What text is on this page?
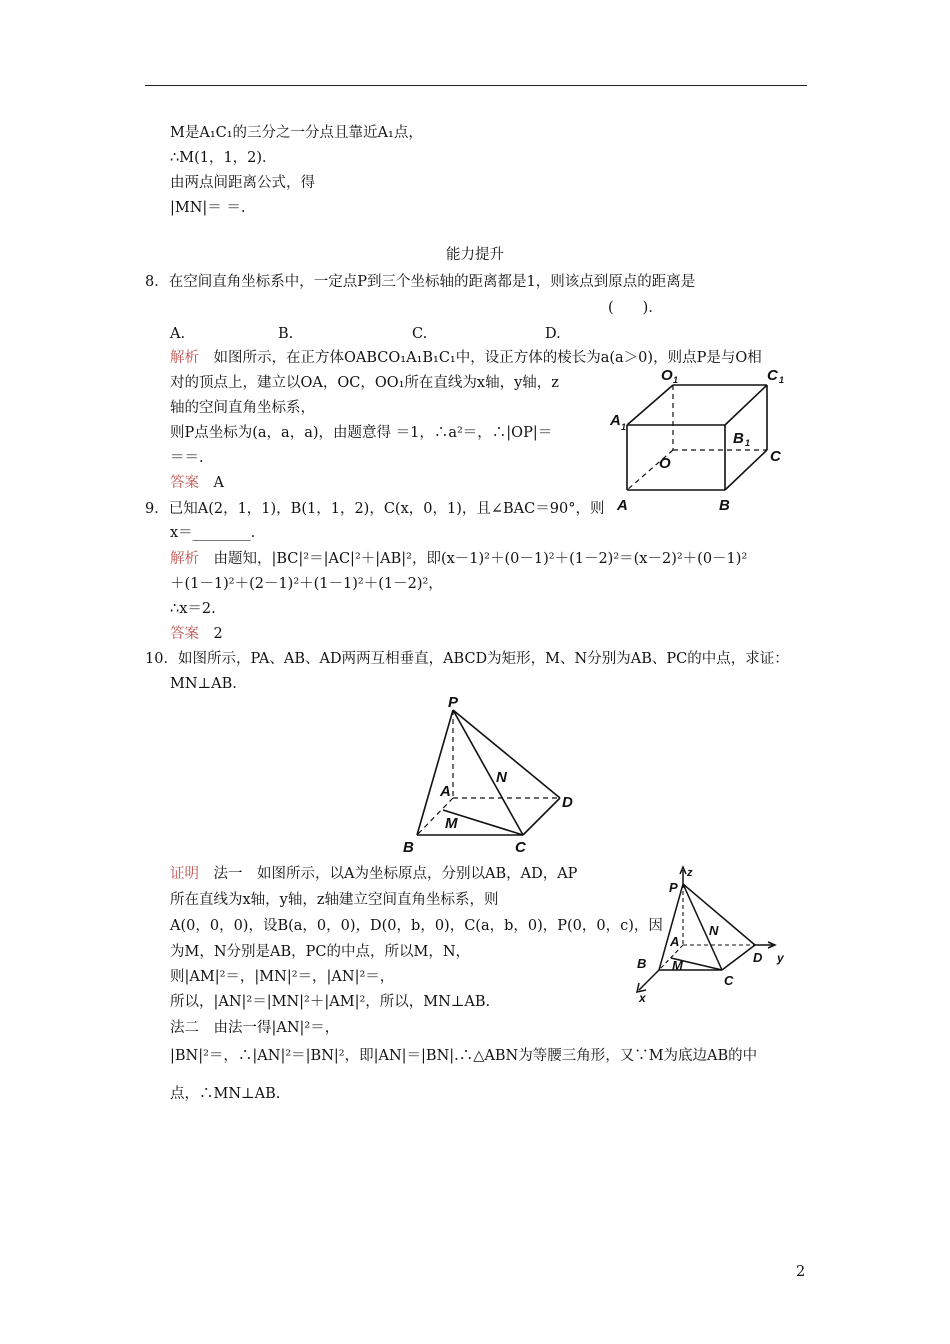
M是A₁C₁的三分之一分点且靠近A₁点，
∴M(1，1，2)．
由两点间距离公式，得
|MN|＝ ＝.
能力提升
8．在空间直角坐标系中，一定点P到三个坐标轴的距离都是1，则该点到原点的距离是
(　　)．
A.	B.	C.	D.
解析　 如图所示，在正方体OABCO₁A₁B₁C₁中，设正方体的棱长为a(a＞0)，则点P是与O相
对的顶点上，建立以OA，OC，OO₁所在直线为x轴，y轴，z
轴的空间直角坐标系，
则P点坐标为(a，a，a)，由题意得 ＝1，∴a²＝，∴|OP|＝
＝＝.
答案　 A
O 1	C 1
A 1
B 1
O	C
A	B
9．已知A(2，1，1)，B(1，1，2)，C(x，0，1)，且∠BAC＝90°，则
x＝________.
解析　 由题知，|BC|²＝|AC|²＋|AB|²，即(x－1)²＋(0－1)²＋(1－2)²＝(x－2)²＋(0－1)²
＋(1－1)²＋(2－1)²＋(1－1)²＋(1－2)²，
∴x＝2.
答案　 2
10．如图所示，PA、AB、AD两两互相垂直，ABCD为矩形，M、N分别为AB、PC的中点，求证：
MN⊥AB.
P
N
A
D
M
B	C
证明　 法一　如图所示，以A为坐标原点，分别以AB，AD，AP
所在直线为x轴，y轴，z轴建立空间直角坐标系，则
A(0，0，0)，设B(a，0，0)，D(0，b，0)，C(a，b，0)，P(0，0，c)，因
为M，N分别是AB，PC的中点，所以M，N，
则|AM|²＝，|MN|²＝，|AN|²＝，
所以，|AN|²＝|MN|²＋|AM|²，所以，MN⊥AB.
法二　由法一得|AN|²＝，
|BN|²＝，∴|AN|²＝|BN|²，即|AN|＝|BN|.∴△ABN为等腰三角形，又∵M为底边AB的中
点，∴MN⊥AB.
z
P
A
N
D y
B M
C
x
2
